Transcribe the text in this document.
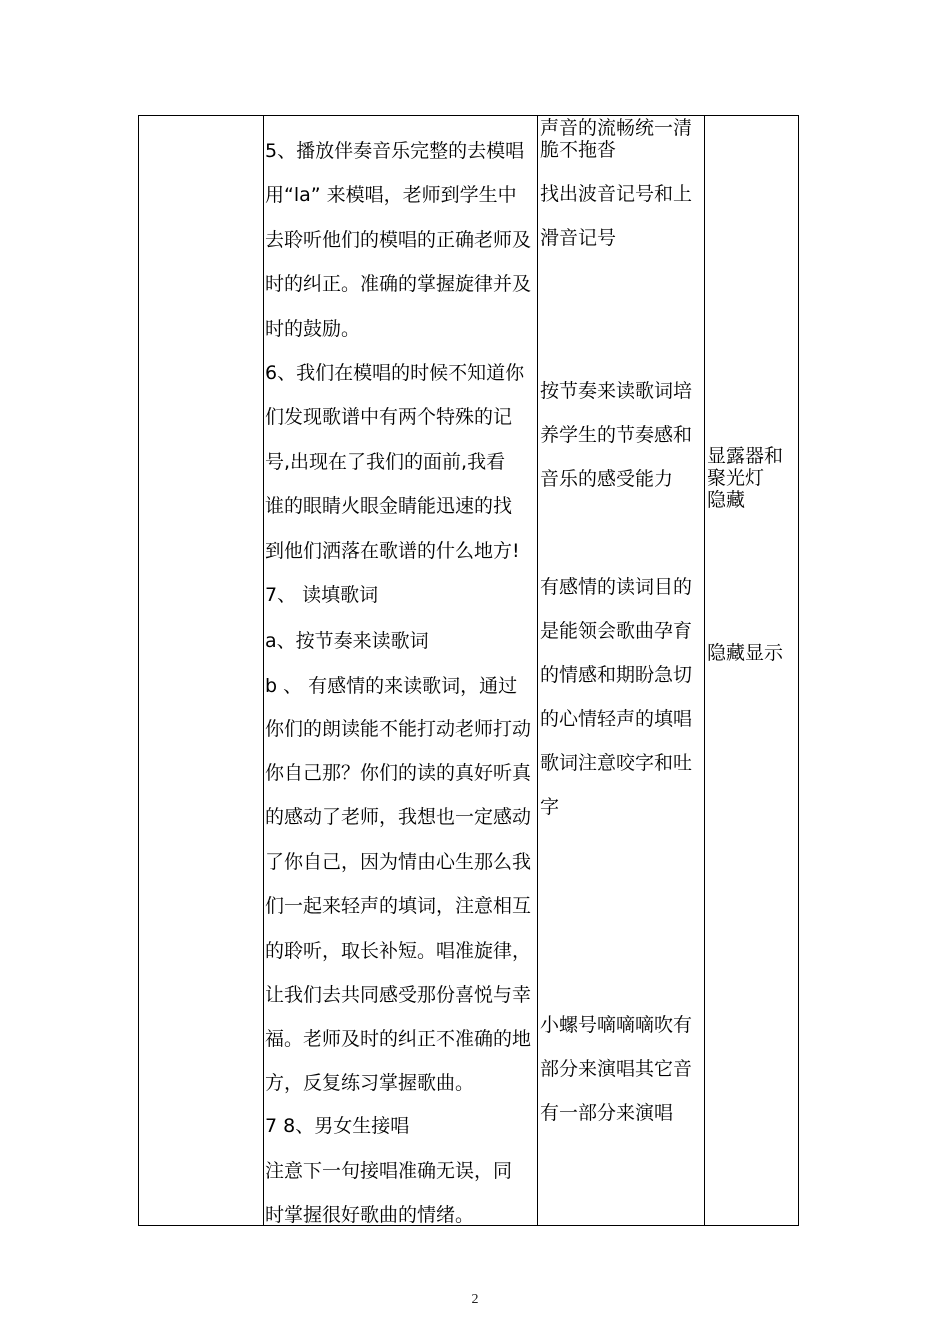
5、播放伴奏音乐完整的去模唱
用“la” 来模唱，老师到学生中
去聆听他们的模唱的正确老师及
时的纠正。准确的掌握旋律并及
时的鼓励。
6、我们在模唱的时候不知道你
们发现歌谱中有两个特殊的记
号,出现在了我们的面前,我看
谁的眼睛火眼金睛能迅速的找
到他们洒落在歌谱的什么地方!
7、 读填歌词
a、按节奏来读歌词
b 、 有感情的来读歌词，通过
你们的朗读能不能打动老师打动
你自己那？你们的读的真好听真
的感动了老师，我想也一定感动
了你自己，因为情由心生那么我
们一起来轻声的填词，注意相互
的聆听，取长补短。唱准旋律，
让我们去共同感受那份喜悦与幸
福。老师及时的纠正不准确的地
方，反复练习掌握歌曲。
7 8、男女生接唱
注意下一句接唱准确无误，同
时掌握很好歌曲的情绪。
声音的流畅统一清
脆不拖沓
找出波音记号和上
滑音记号
按节奏来读歌词培
养学生的节奏感和
音乐的感受能力
有感情的读词目的
是能领会歌曲孕育
的情感和期盼急切
的心情轻声的填唱
歌词注意咬字和吐
字
小螺号嘀嘀嘀吹有
部分来演唱其它音
有一部分来演唱
显露器和
聚光灯
隐藏
隐藏显示
2
